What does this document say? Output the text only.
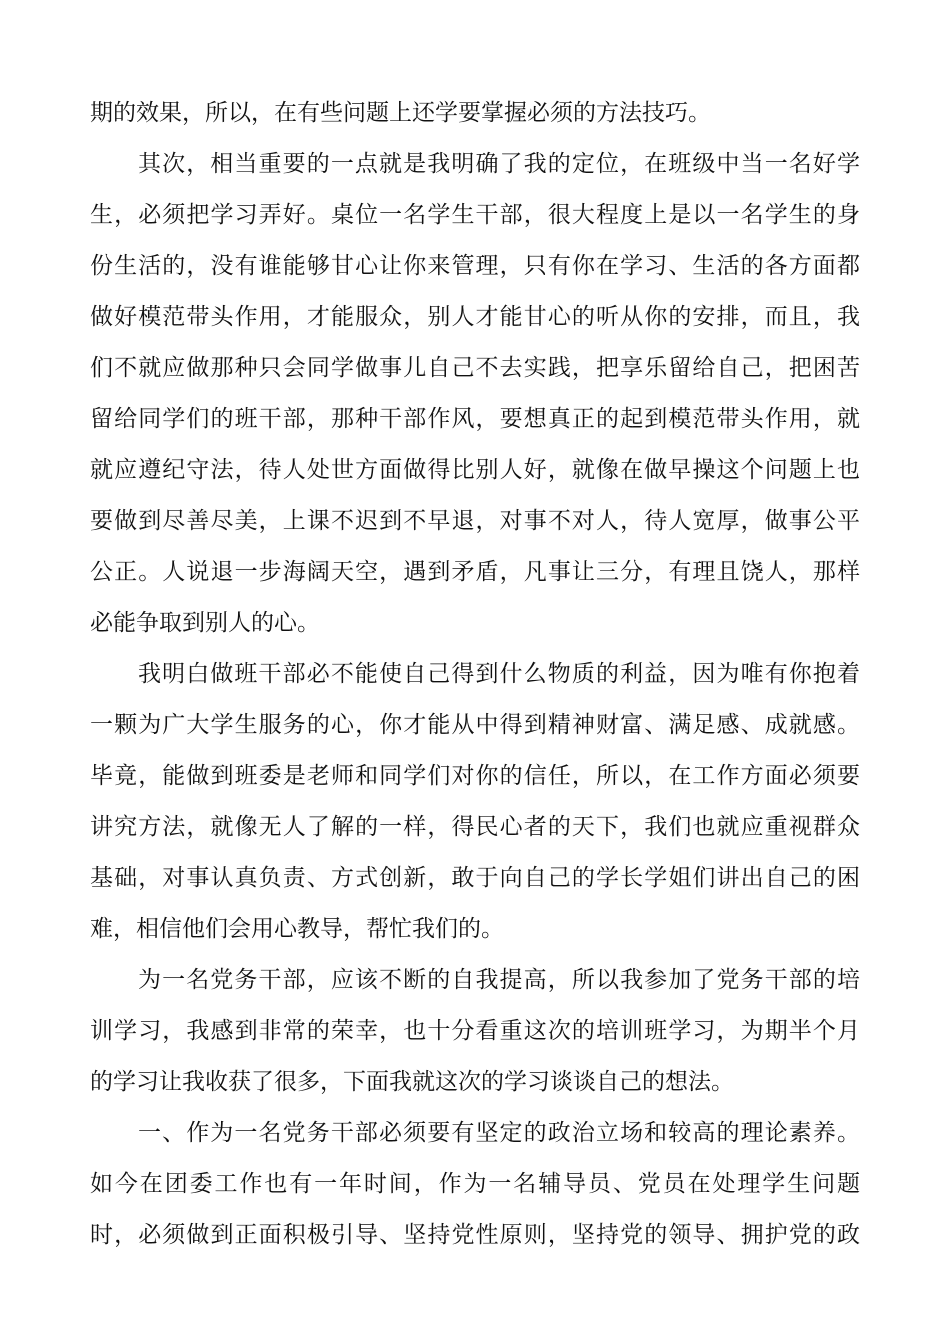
期的效果，所以，在有些问题上还学要掌握必须的方法技巧。
其次，相当重要的一点就是我明确了我的定位，在班级中当一名好学
生，必须把学习弄好。桌位一名学生干部，很大程度上是以一名学生的身
份生活的，没有谁能够甘心让你来管理，只有你在学习、生活的各方面都
做好模范带头作用，才能服众，别人才能甘心的听从你的安排，而且，我
们不就应做那种只会同学做事儿自己不去实践，把享乐留给自己，把困苦
留给同学们的班干部，那种干部作风，要想真正的起到模范带头作用，就
就应遵纪守法，待人处世方面做得比别人好，就像在做早操这个问题上也
要做到尽善尽美，上课不迟到不早退，对事不对人，待人宽厚，做事公平
公正。人说退一步海阔天空，遇到矛盾，凡事让三分，有理且饶人，那样
必能争取到别人的心。
我明白做班干部必不能使自己得到什么物质的利益，因为唯有你抱着
一颗为广大学生服务的心，你才能从中得到精神财富、满足感、成就感。
毕竟，能做到班委是老师和同学们对你的信任，所以，在工作方面必须要
讲究方法，就像无人了解的一样，得民心者的天下，我们也就应重视群众
基础，对事认真负责、方式创新，敢于向自己的学长学姐们讲出自己的困
难，相信他们会用心教导，帮忙我们的。
为一名党务干部，应该不断的自我提高，所以我参加了党务干部的培
训学习，我感到非常的荣幸，也十分看重这次的培训班学习，为期半个月
的学习让我收获了很多，下面我就这次的学习谈谈自己的想法。
一、作为一名党务干部必须要有坚定的政治立场和较高的理论素养。
如今在团委工作也有一年时间，作为一名辅导员、党员在处理学生问题
时，必须做到正面积极引导、坚持党性原则，坚持党的领导、拥护党的政
